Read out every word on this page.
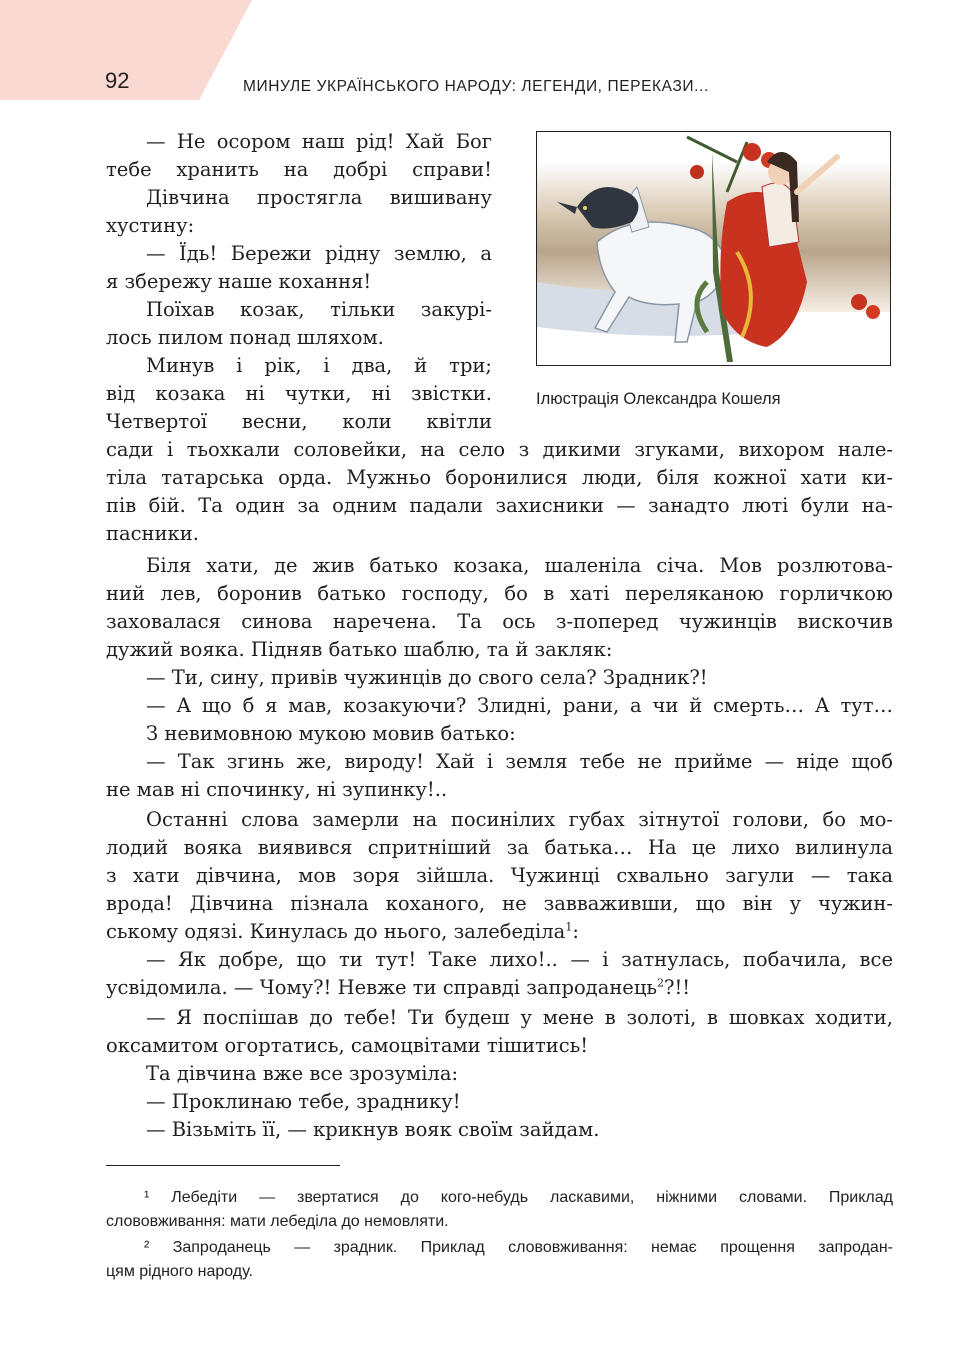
92	МИНУЛЕ УКРАЇНСЬКОГО НАРОДУ: ЛЕГЕНДИ, ПЕРЕКАЗИ...
Ілюстрація Олександра Кошеля
— Не осором наш рід! Хай Бог
тебе хранить на добрі справи!
Дівчина простягла вишивану
хустину:
— Їдь! Бережи рідну землю, а
я збережу наше кохання!
Поїхав козак, тільки закурі-
лось пилом понад шляхом.
Минув і рік, і два, й три;
від козака ні чутки, ні звістки.
Четвертої весни, коли квітли
сади і тьохкали соловейки, на село з дикими згуками, вихором нале-
тіла татарська орда. Мужньо боронилися люди, біля кожної хати ки-
пів бій. Та один за одним падали захисники — занадто люті були на-
пасники.
Біля хати, де жив батько козака, шаленіла січа. Мов розлютова-
ний лев, боронив батько господу, бо в хаті переляканою горличкою
заховалася синова наречена. Та ось з-поперед чужинців вискочив
дужий вояка. Підняв батько шаблю, та й закляк:
— Ти, сину, привів чужинців до свого села? Зрадник?!
— А що б я мав, козакуючи? Злидні, рани, а чи й смерть… А тут…
З невимовною мукою мовив батько:
— Так згинь же, вироду! Хай і земля тебе не прийме — ніде щоб
не мав ні спочинку, ні зупинку!..
Останні слова замерли на посинілих губах зітнутої голови, бо мо-
лодий вояка виявився спритніший за батька… На це лихо вилинула
з хати дівчина, мов зоря зійшла. Чужинці схвально загули — така
врода! Дівчина пізнала коханого, не завваживши, що він у чужин-
ському одязі. Кинулась до нього, залебеділа$^1$:
— Як добре, що ти тут! Таке лихо!.. — і затнулась, побачила, все
усвідомила. — Чому?! Невже ти справді запроданець$^2$?!!
— Я поспішав до тебе! Ти будеш у мене в золоті, в шовках ходити,
оксамитом огортатись, самоцвітами тішитись!
Та дівчина вже все зрозуміла:
— Проклинаю тебе, зраднику!
— Візьміть її, — крикнув вояк своїм зайдам.
¹ Лебедіти — звертатися до кого-небудь ласкавими, ніжними словами. Приклад
слововживання: мати лебеділа до немовляти.
² Запроданець — зрадник. Приклад слововживання: немає прощення запродан-
цям рідного народу.
